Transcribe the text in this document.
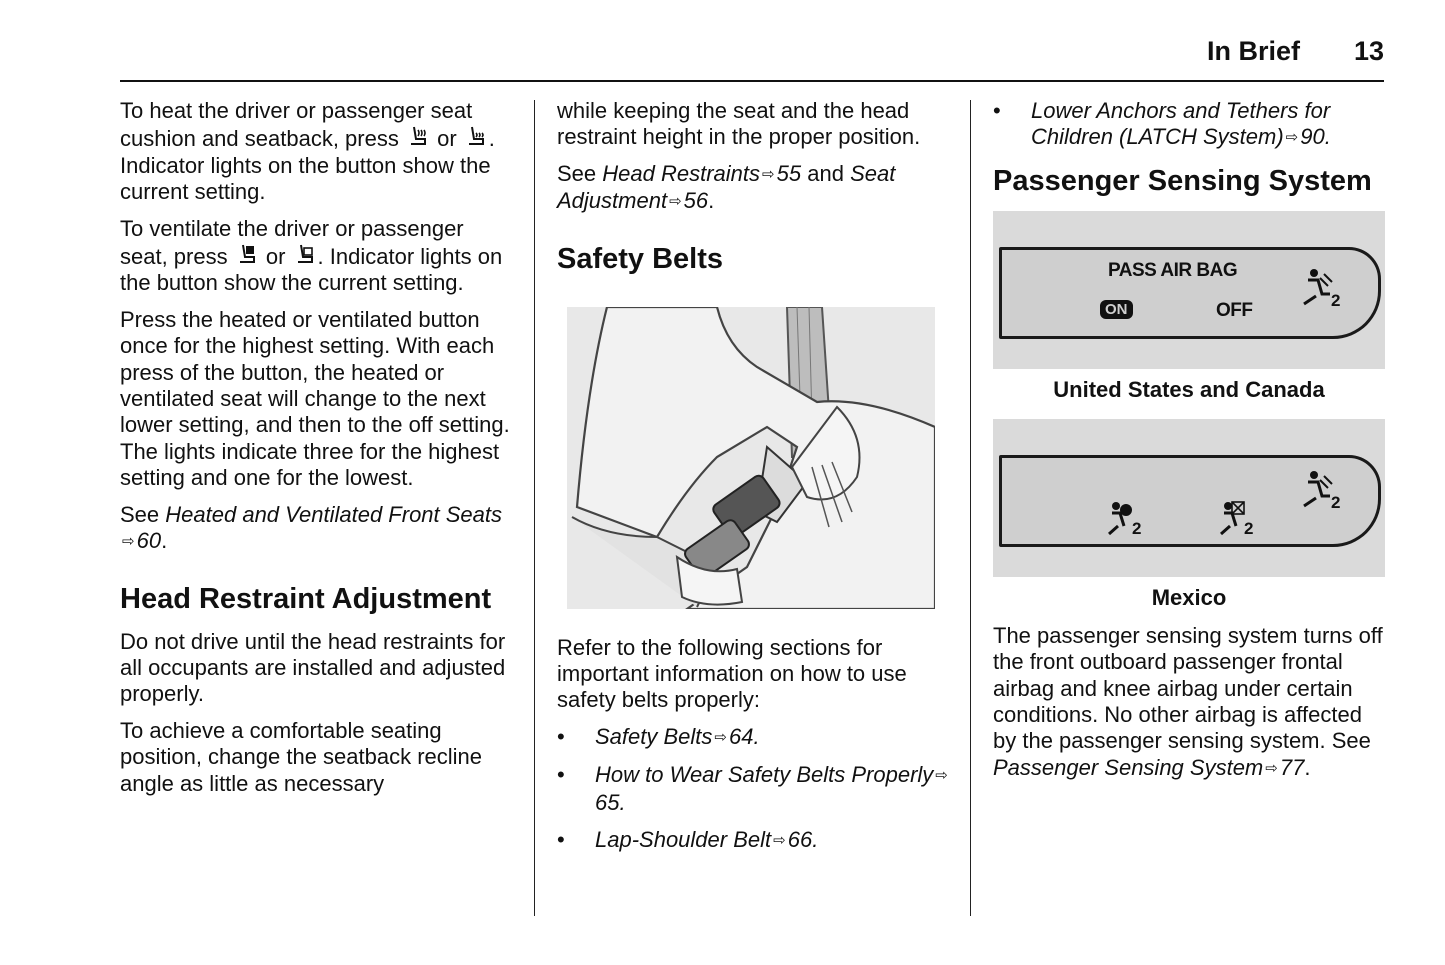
In Brief 13

To heat the driver or passenger seat cushion and seatback, press or . Indicator lights on the button show the current setting.

To ventilate the driver or passenger seat, press or . Indicator lights on the button show the current setting.

Press the heated or ventilated button once for the highest setting. With each press of the button, the heated or ventilated seat will change to the next lower setting, and then to the off setting. The lights indicate three for the highest setting and one for the lowest.

See Heated and Ventilated Front Seats⇨60.

Head Restraint Adjustment

Do not drive until the head restraints for all occupants are installed and adjusted properly.

To achieve a comfortable seating position, change the seatback recline angle as little as necessary

while keeping the seat and the head restraint height in the proper position.

See Head Restraints ⇨55 and Seat Adjustment ⇨56.

Safety Belts

Refer to the following sections for important information on how to use safety belts properly:

• Safety Belts ⇨64.
• How to Wear Safety Belts Properly ⇨65.
• Lap-Shoulder Belt ⇨66.
• Lower Anchors and Tethers for Children (LATCH System) ⇨90.
Passenger Sensing System
PASS AIR BAG
ON	OFF	2
United States and Canada
2	2
2
Mexico

The passenger sensing system turns off the front outboard passenger frontal airbag and knee airbag under certain conditions. No other airbag is affected by the passenger sensing system. See Passenger Sensing System ⇨77.
